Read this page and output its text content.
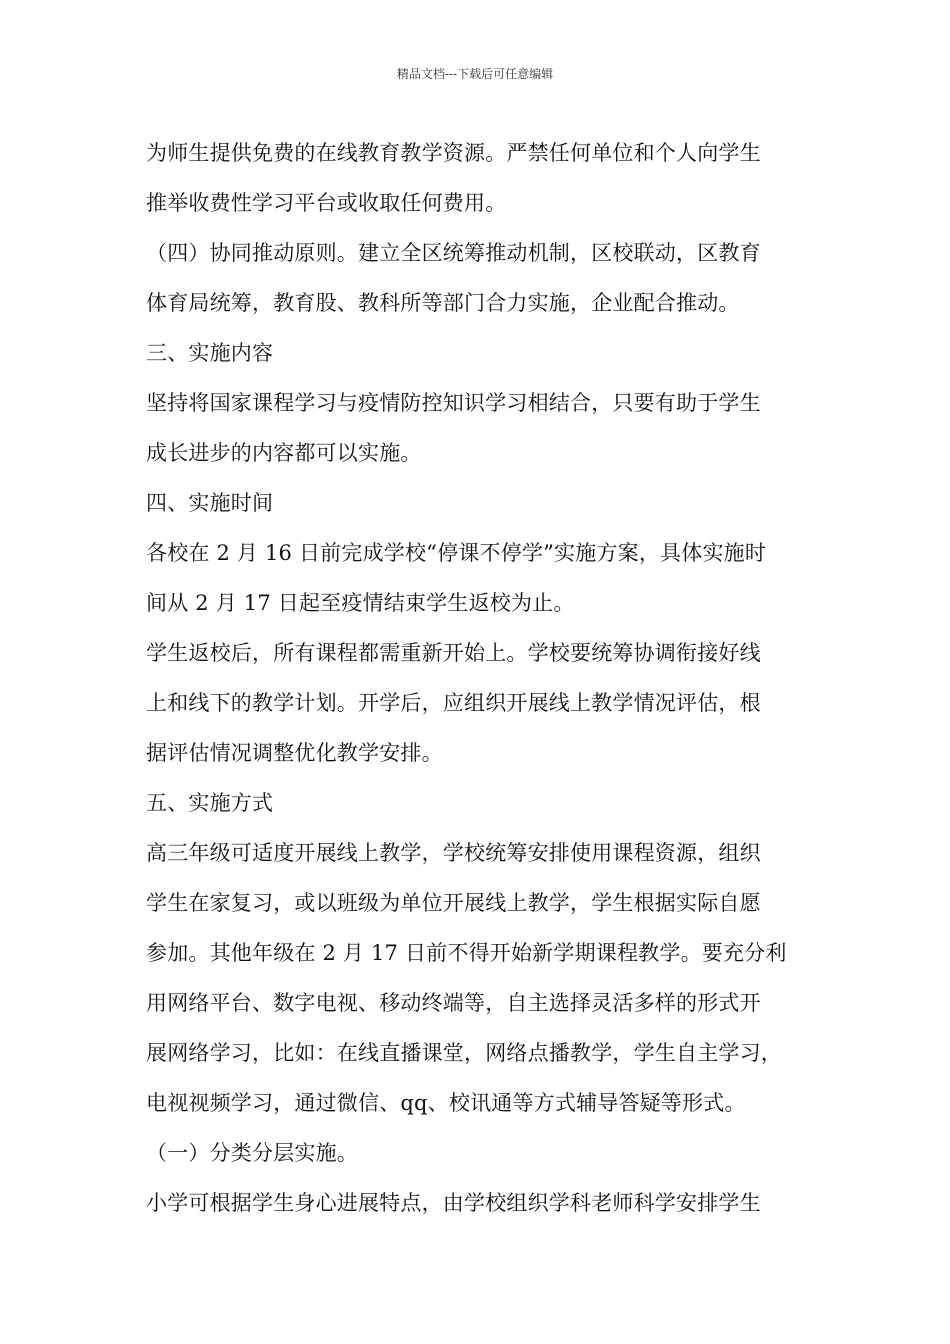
精品文档---下载后可任意编辑
为师生提供免费的在线教育教学资源。严禁任何单位和个人向学生
推举收费性学习平台或收取任何费用。
（四）协同推动原则。建立全区统筹推动机制，区校联动，区教育
体育局统筹，教育股、教科所等部门合力实施，企业配合推动。
三、实施内容
坚持将国家课程学习与疫情防控知识学习相结合，只要有助于学生
成长进步的内容都可以实施。
四、实施时间
各校在 2 月 16 日前完成学校“停课不停学”实施方案，具体实施时
间从 2 月 17 日起至疫情结束学生返校为止。
学生返校后，所有课程都需重新开始上。学校要统筹协调衔接好线
上和线下的教学计划。开学后，应组织开展线上教学情况评估，根
据评估情况调整优化教学安排。
五、实施方式
高三年级可适度开展线上教学，学校统筹安排使用课程资源，组织
学生在家复习，或以班级为单位开展线上教学，学生根据实际自愿
参加。其他年级在 2 月 17 日前不得开始新学期课程教学。要充分利
用网络平台、数字电视、移动终端等，自主选择灵活多样的形式开
展网络学习，比如：在线直播课堂，网络点播教学，学生自主学习，
电视视频学习，通过微信、qq、校讯通等方式辅导答疑等形式。
（一）分类分层实施。
小学可根据学生身心进展特点，由学校组织学科老师科学安排学生
